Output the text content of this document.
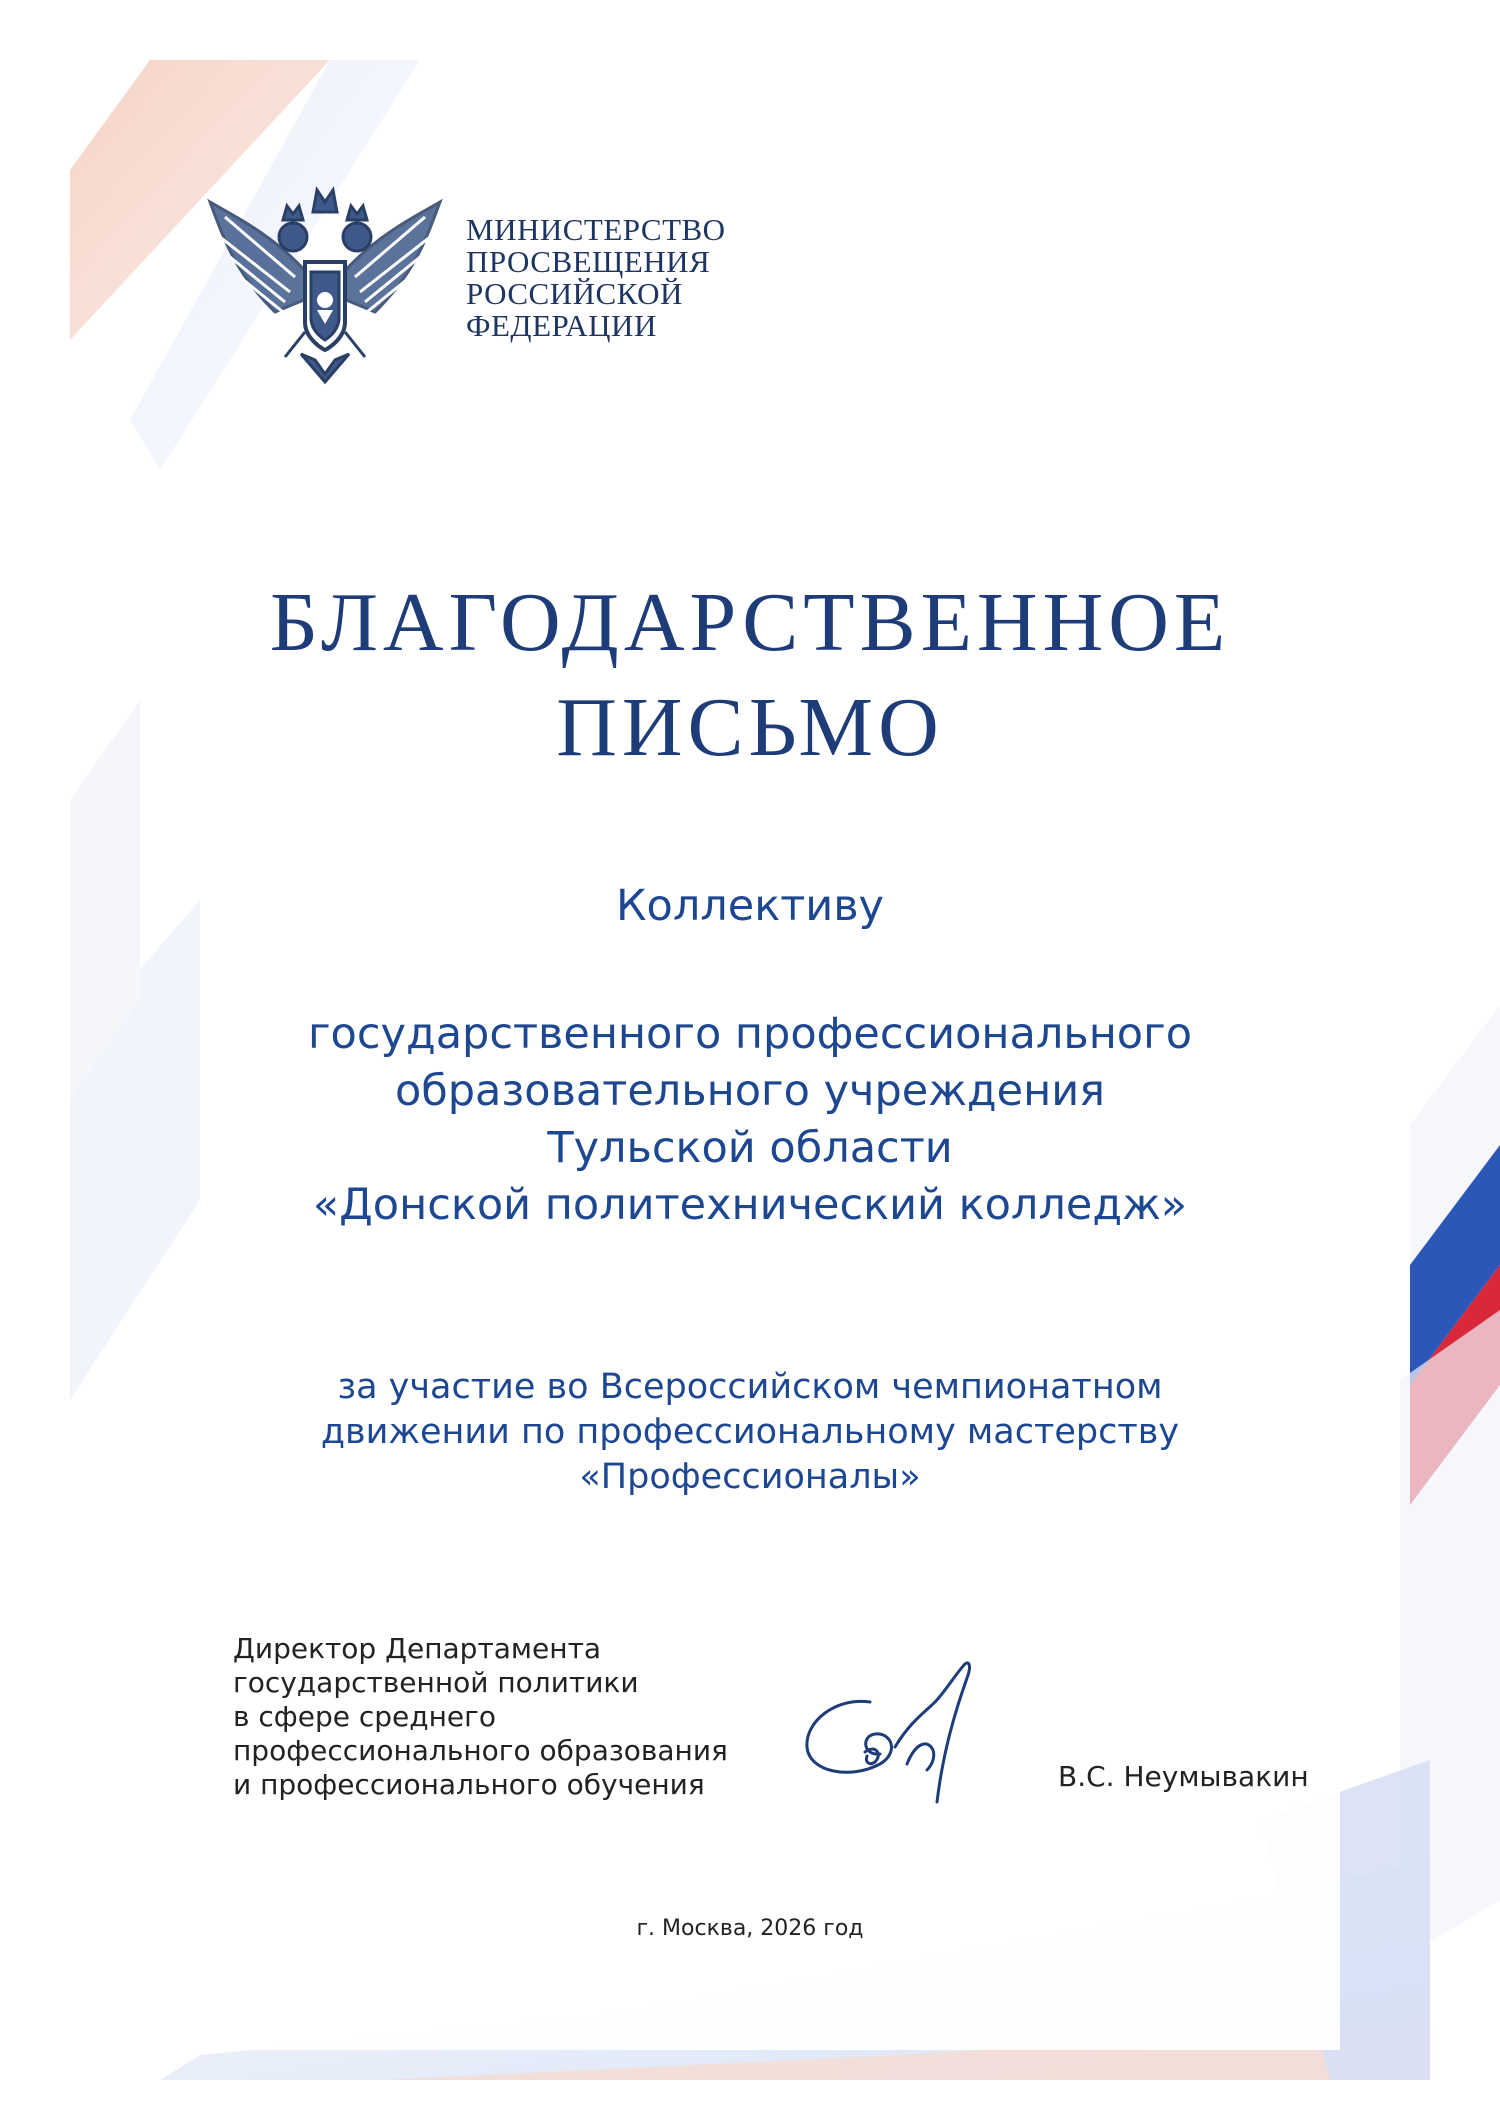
МИНИСТЕРСТВО
ПРОСВЕЩЕНИЯ
РОССИЙСКОЙ
ФЕДЕРАЦИИ
БЛАГОДАРСТВЕННОЕ
ПИСЬМО
Коллективу
государственного профессионального
образовательного учреждения
Тульской области
«Донской политехнический колледж»
за участие во Всероссийском чемпионатном
движении по профессиональному мастерству
«Профессионалы»
Директор Департамента
государственной политики
в сфере среднего
профессионального образования
и профессионального обучения	В.С. Неумывакин
г. Москва, 2026 год
